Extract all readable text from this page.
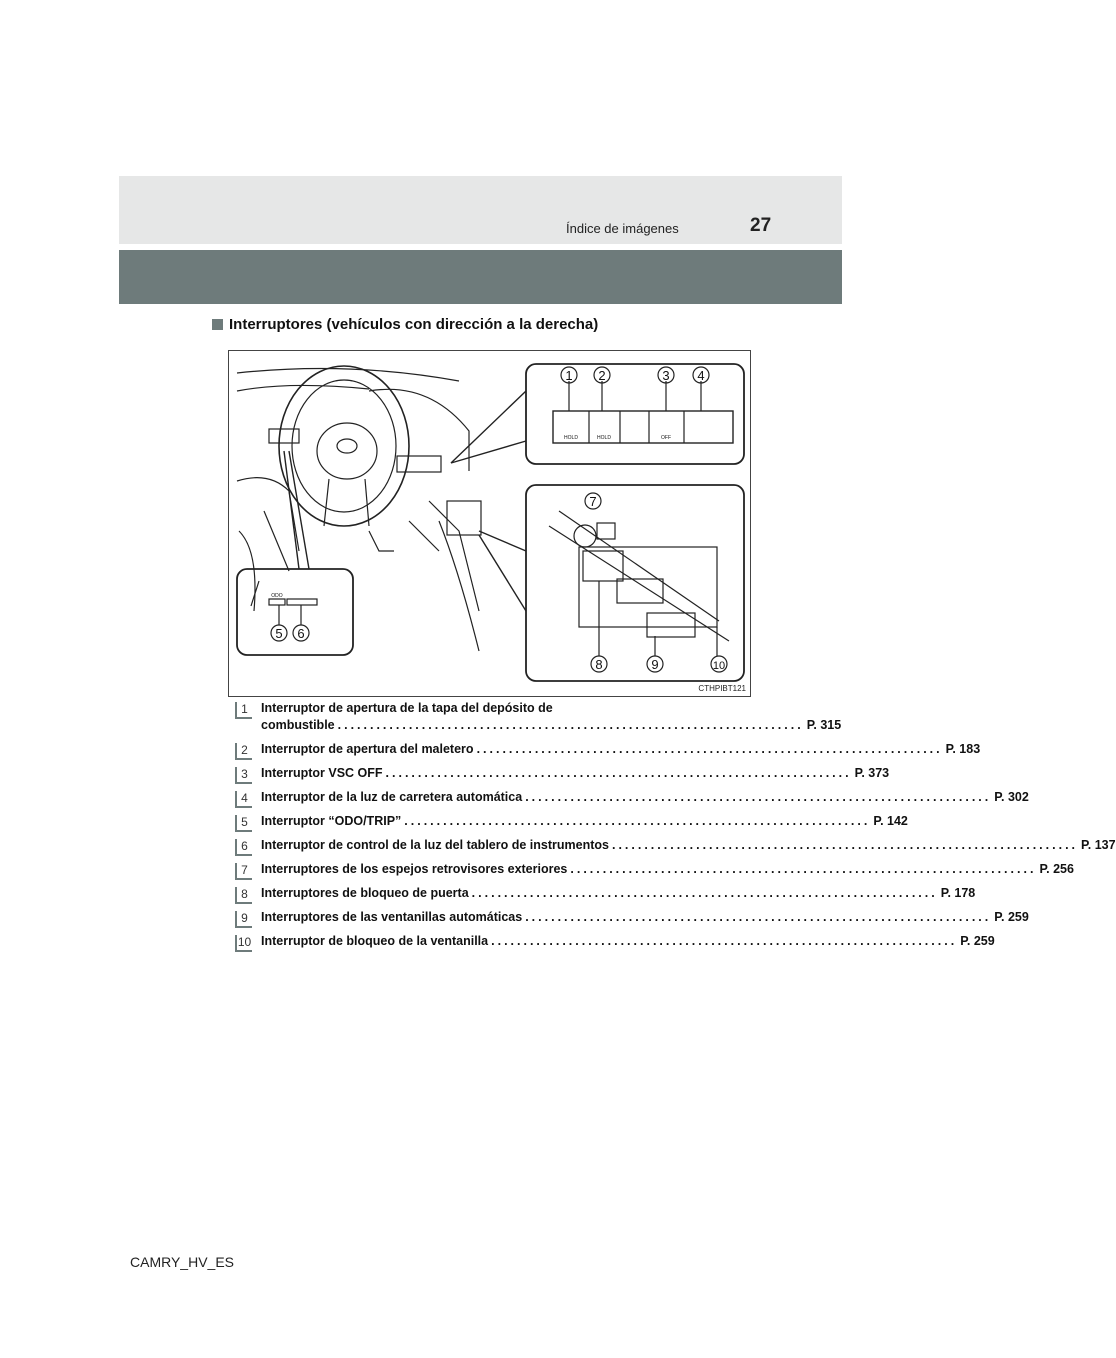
Índice de imágenes	27
Interruptores (vehículos con dirección a la derecha)
1 2	3 4
5 6
7
8	9	10
HOLD	HOLD	OFF
ODO
CTHPIBT121
1	Interruptor de apertura de la tapa del depósito de
combustible ........................................................................ P. 315
2	Interruptor de apertura del maletero ........................................................................ P. 183
3	Interruptor VSC OFF ........................................................................ P. 373
4	Interruptor de la luz de carretera automática ........................................................................ P. 302
5	Interruptor “ODO/TRIP” ........................................................................ P. 142
6	Interruptor de control de la luz del tablero de instrumentos ........................................................................ P. 137
7	Interruptores de los espejos retrovisores exteriores ........................................................................ P. 256
8	Interruptores de bloqueo de puerta ........................................................................ P. 178
9	Interruptores de las ventanillas automáticas ........................................................................ P. 259
10 Interruptor de bloqueo de la ventanilla ........................................................................ P. 259
CAMRY_HV_ES
